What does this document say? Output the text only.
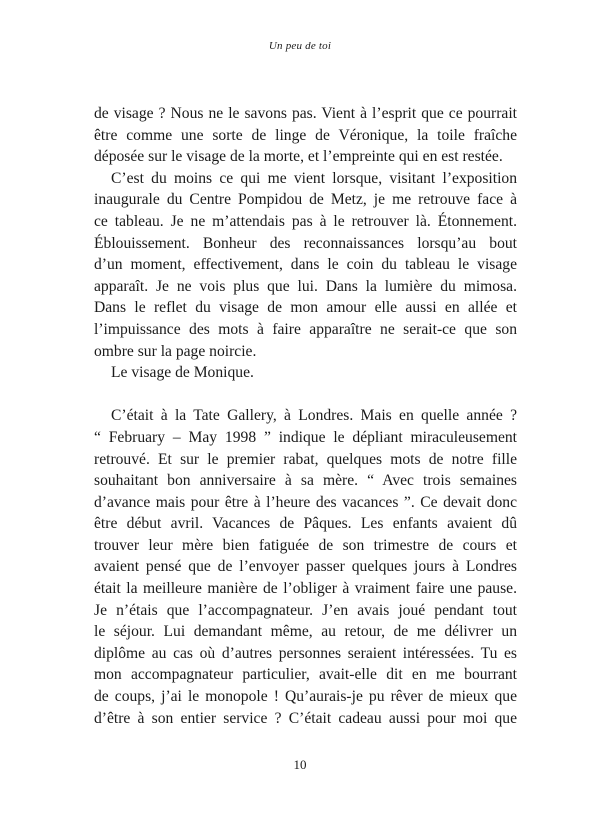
Un peu de toi
de visage ? Nous ne le savons pas. Vient à l’esprit que ce pourrait
être comme une sorte de linge de Véronique, la toile fraîche
déposée sur le visage de la morte, et l’empreinte qui en est restée.
C’est du moins ce qui me vient lorsque, visitant l’exposition
inaugurale du Centre Pompidou de Metz, je me retrouve face à
ce tableau. Je ne m’attendais pas à le retrouver là. Étonnement.
Éblouissement. Bonheur des reconnaissances lorsqu’au bout
d’un moment, effectivement, dans le coin du tableau le visage
apparaît. Je ne vois plus que lui. Dans la lumière du mimosa.
Dans le reflet du visage de mon amour elle aussi en allée et
l’impuissance des mots à faire apparaître ne serait-ce que son
ombre sur la page noircie.
Le visage de Monique.
C’était à la Tate Gallery, à Londres. Mais en quelle année ?
“ February – May 1998 ” indique le dépliant miraculeusement
retrouvé. Et sur le premier rabat, quelques mots de notre fille
souhaitant bon anniversaire à sa mère. “ Avec trois semaines
d’avance mais pour être à l’heure des vacances ”. Ce devait donc
être début avril. Vacances de Pâques. Les enfants avaient dû
trouver leur mère bien fatiguée de son trimestre de cours et
avaient pensé que de l’envoyer passer quelques jours à Londres
était la meilleure manière de l’obliger à vraiment faire une pause.
Je n’étais que l’accompagnateur. J’en avais joué pendant tout
le séjour. Lui demandant même, au retour, de me délivrer un
diplôme au cas où d’autres personnes seraient intéressées. Tu es
mon accompagnateur particulier, avait-elle dit en me bourrant
de coups, j’ai le monopole ! Qu’aurais-je pu rêver de mieux que
d’être à son entier service ? C’était cadeau aussi pour moi que
10
